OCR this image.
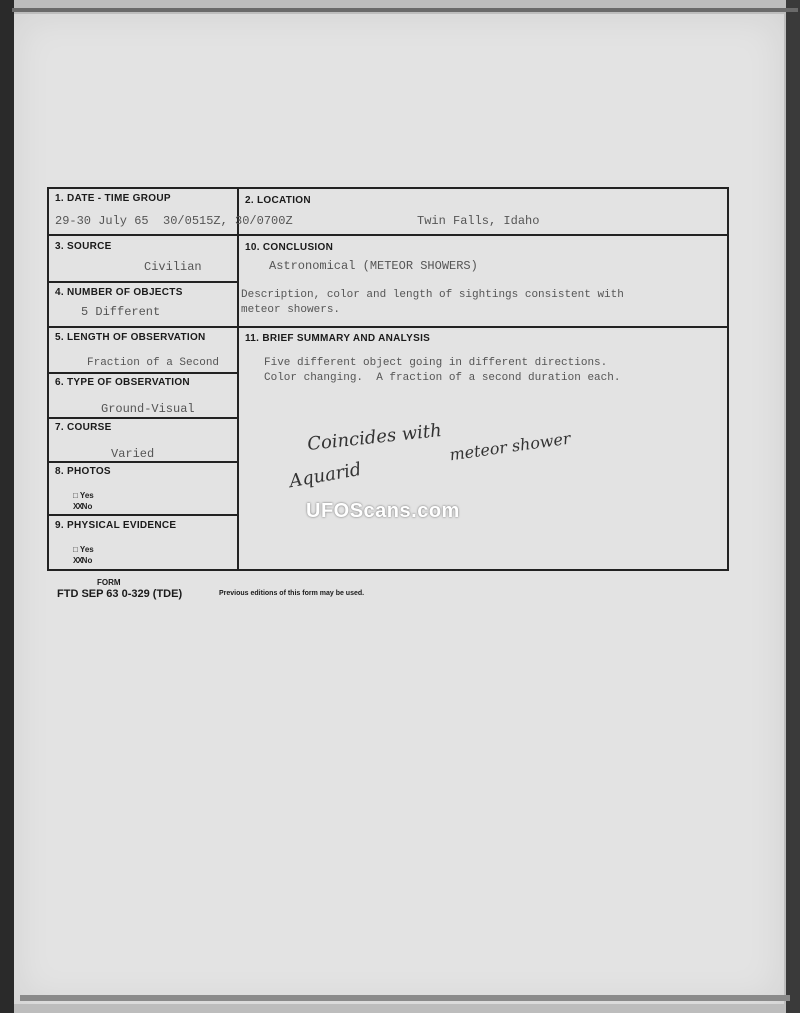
1. DATE - TIME GROUP
29-30 July 65  30/0515Z, 30/0700Z
2. LOCATION
Twin Falls, Idaho
3. SOURCE
Civilian
10. CONCLUSION
Astronomical (METEOR SHOWERS)
4. NUMBER OF OBJECTS
5 Different
Description, color and length of sightings consistent with
meteor showers.
5. LENGTH OF OBSERVATION
Fraction of a Second
11. BRIEF SUMMARY AND ANALYSIS
Five different object going in different directions.
Color changing.  A fraction of a second duration each.
6. TYPE OF OBSERVATION
Ground-Visual
7. COURSE
Varied
8. PHOTOS
□ Yes
XXNo
9. PHYSICAL EVIDENCE
□ Yes
XXNo
Coincides with meteor shower
Aquarid
FORM
FTD SEP 63 0-329 (TDE)	Previous editions of this form may be used.
UFOScans.com
